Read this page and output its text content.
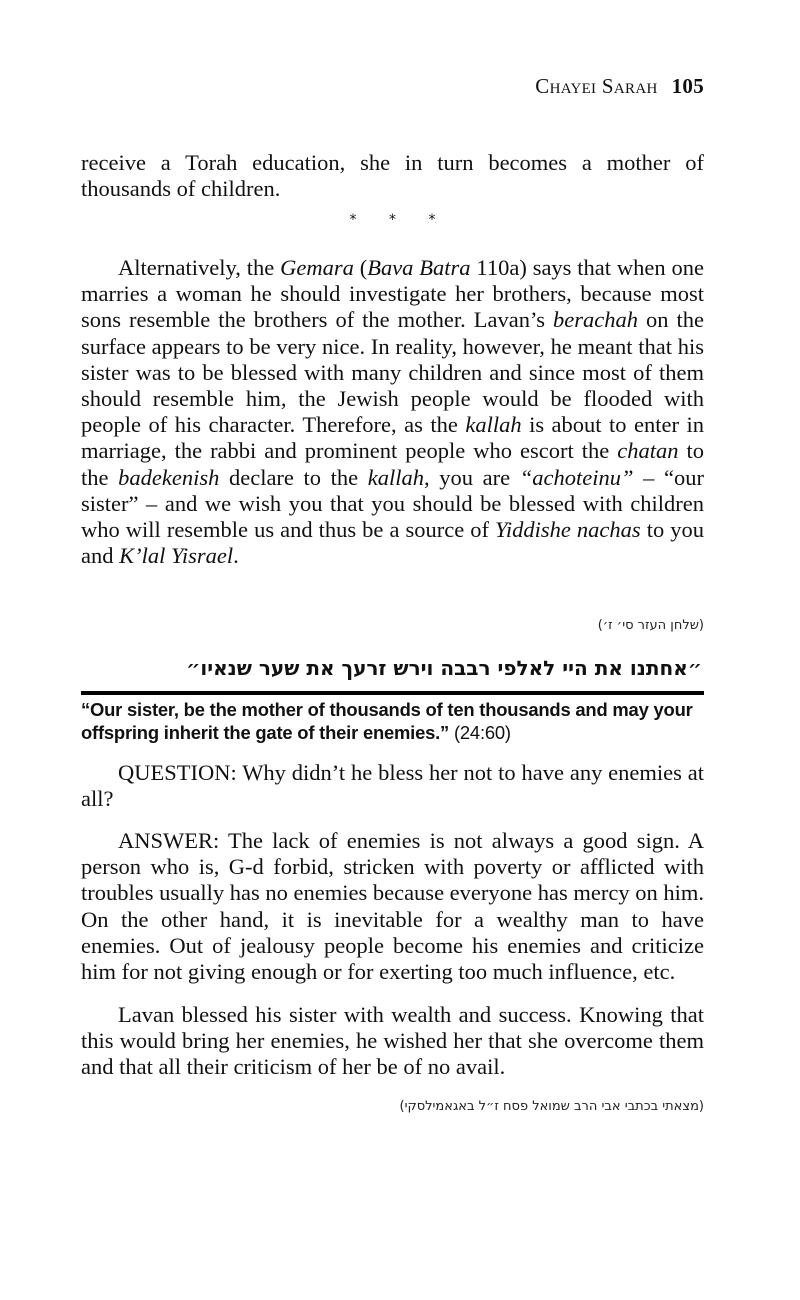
Chayei Sarah 105

receive a Torah education, she in turn becomes a mother of

thousands of children.

* * *

Alternatively, the Gemara (Bava Batra 110a) says that when one marries a woman he should investigate her brothers, because most sons resemble the brothers of the mother. Lavan’s berachah on the surface appears to be very nice. In reality, however, he meant that his sister was to be blessed with many children and since most of them should resemble him, the Jewish people would be flooded with people of his character. Therefore, as the kallah is about to enter in marriage, the rabbi and prominent people who escort the chatan to the badekenish declare to the kallah, you are “achoteinu” – “our sister” – and we wish you that you should be blessed with children who will resemble us and thus be a source of Yiddishe nachas to you and K’lal Yisrael.

(שלחן העזר סי׳ ז׳)
״אחתנו את היי לאלפי רבבה וירש זרעך את שער שנאיו״
“Our sister, be the mother of thousands of ten thousands and may your offspring inherit the gate of their enemies.” (24:60)

QUESTION: Why didn’t he bless her not to have any enemies at all?

ANSWER: The lack of enemies is not always a good sign. A person who is, G-d forbid, stricken with poverty or afflicted with troubles usually has no enemies because everyone has mercy on him. On the other hand, it is inevitable for a wealthy man to have enemies. Out of jealousy people become his enemies and criticize him for not giving enough or for exerting too much influence, etc.

Lavan blessed his sister with wealth and success. Knowing that this would bring her enemies, he wished her that she overcome them and that all their criticism of her be of no avail.

(מצאתי בכתבי אבי הרב שמואל פסח ז״ל באגאמילסקי)
